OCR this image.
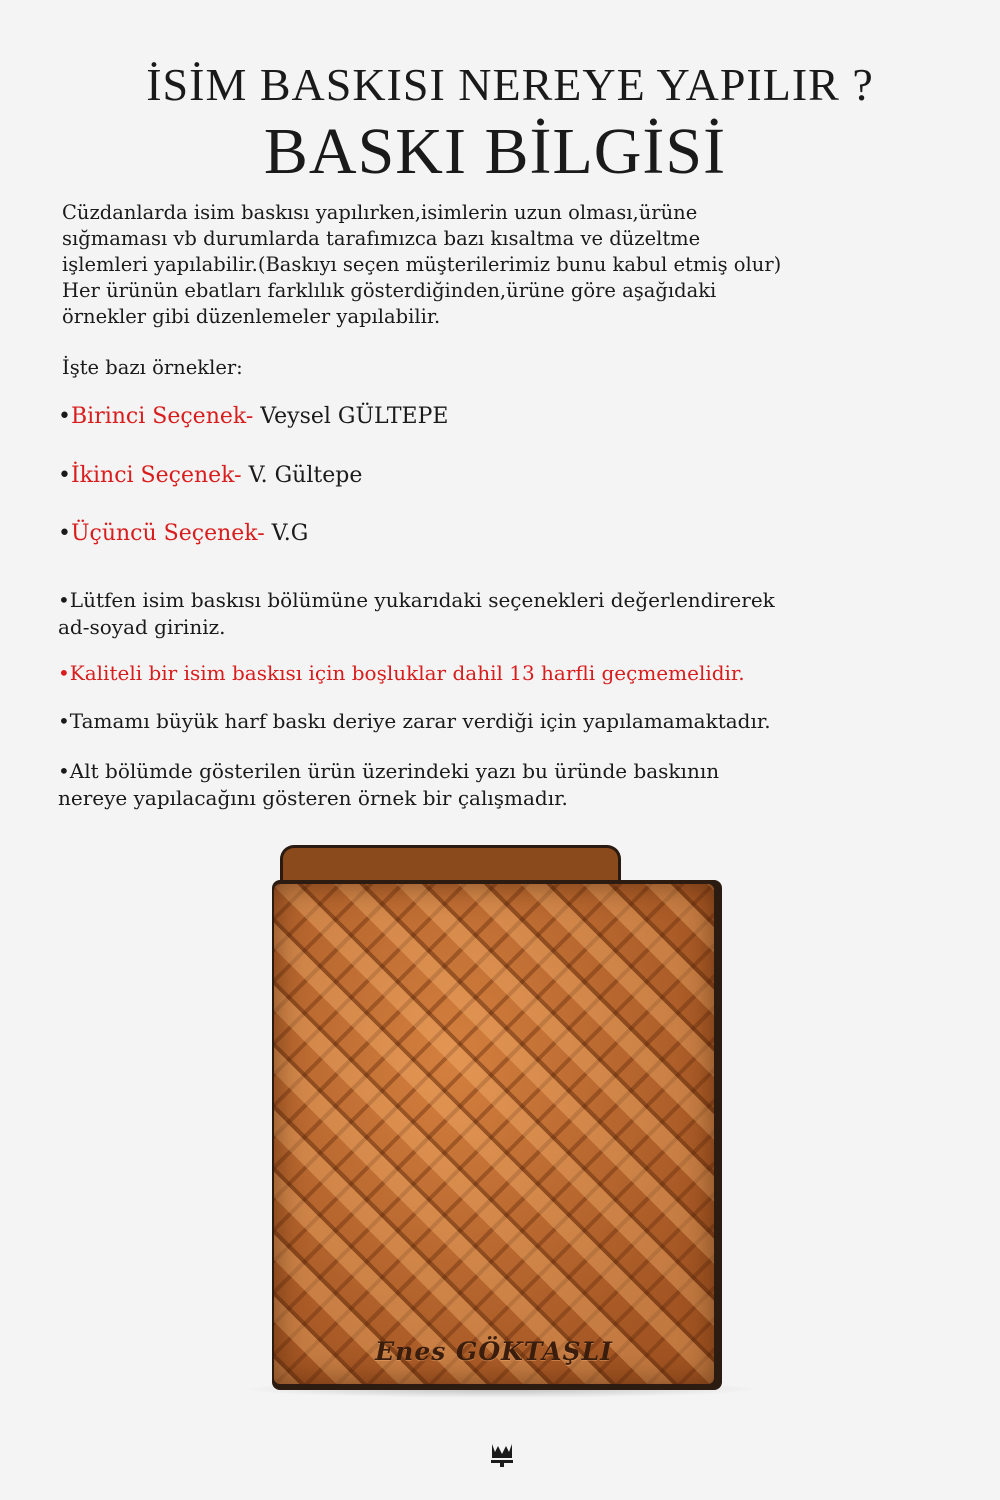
İSİM BASKISI NEREYE YAPILIR ?
BASKI BİLGİSİ
Cüzdanlarda isim baskısı yapılırken,isimlerin uzun olması,ürüne
sığmaması vb durumlarda tarafımızca bazı kısaltma ve düzeltme
işlemleri yapılabilir.(Baskıyı seçen müşterilerimiz bunu kabul etmiş olur)
Her ürünün ebatları farklılık gösterdiğinden,ürüne göre aşağıdaki
örnekler gibi düzenlemeler yapılabilir.
İşte bazı örnekler:
•Birinci Seçenek- Veysel GÜLTEPE
•İkinci Seçenek- V. Gültepe
•Üçüncü Seçenek- V.G
•Lütfen isim baskısı bölümüne yukarıdaki seçenekleri değerlendirerek
ad-soyad giriniz.
•Kaliteli bir isim baskısı için boşluklar dahil 13 harfli geçmemelidir.
•Tamamı büyük harf baskı deriye zarar verdiği için yapılamamaktadır.
•Alt bölümde gösterilen ürün üzerindeki yazı bu üründe baskının
nereye yapılacağını gösteren örnek bir çalışmadır.
Enes GÖKTAŞLI
